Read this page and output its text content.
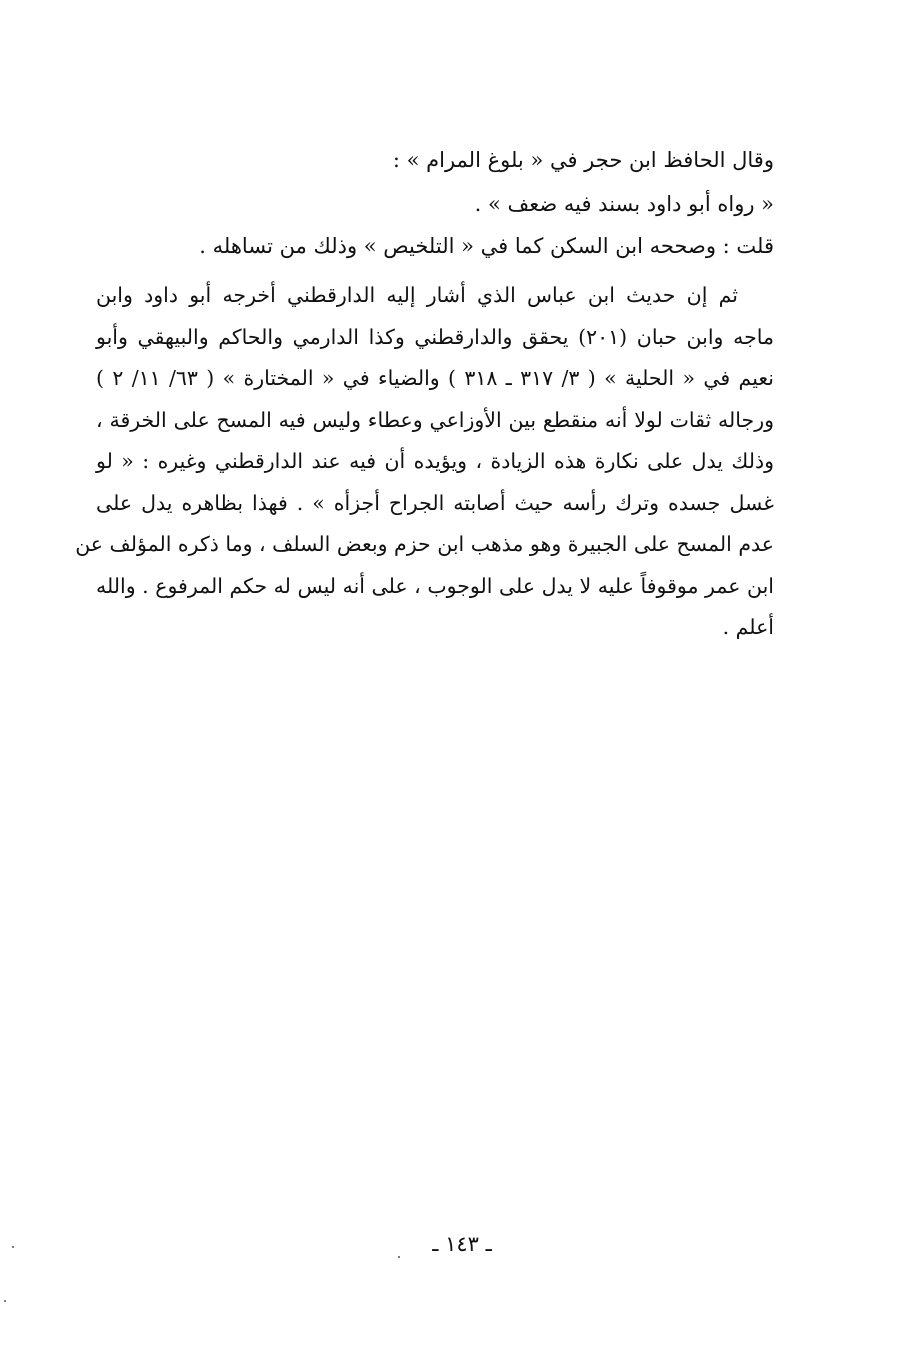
وقال الحافظ ابن حجر في « بلوغ المرام » :
« رواه أبو داود بسند فيه ضعف » .
قلت : وصححه ابن السكن كما في « التلخيص » وذلك من تساهله .
ثم إن حديث ابن عباس الذي أشار إليه الدارقطني أخرجه أبو داود وابن
ماجه وابن حبان (٢٠١) يحقق والدارقطني وكذا الدارمي والحاكم والبيهقي وأبو
نعيم في « الحلية » ( ٣/ ٣١٧ ـ ٣١٨ ) والضياء في « المختارة » ( ٦٣/ ١١/ ٢ )
ورجاله ثقات لولا أنه منقطع بين الأوزاعي وعطاء وليس فيه المسح على الخرقة ،
وذلك يدل على نكارة هذه الزيادة ، ويؤيده أن فيه عند الدارقطني وغيره : « لو
غسل جسده وترك رأسه حيث أصابته الجراح أجزأه » . فهذا بظاهره يدل على
عدم المسح على الجبيرة وهو مذهب ابن حزم وبعض السلف ، وما ذكره المؤلف عن
ابن عمر موقوفاً عليه لا يدل على الوجوب ، على أنه ليس له حكم المرفوع . والله
أعلم .
ـ ١٤٣ ـ
